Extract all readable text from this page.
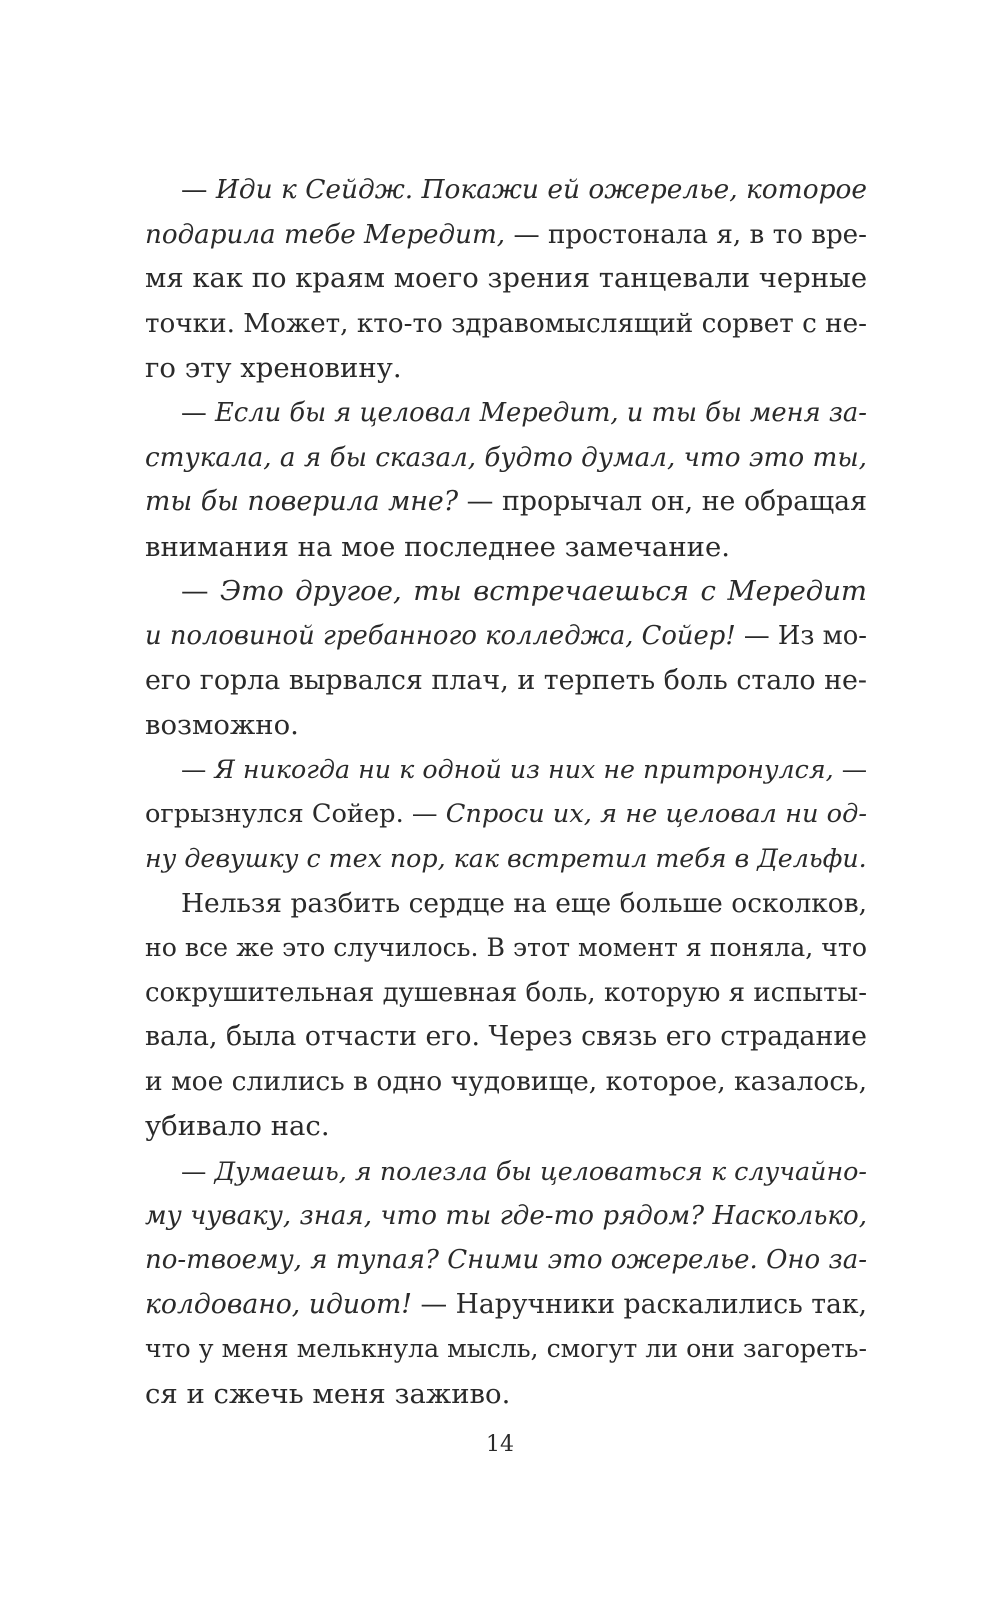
— Иди к Сейдж. Покажи ей ожерелье, которое
подарила тебе Мередит, — простонала я, в то вре-
мя как по краям моего зрения танцевали черные
точки. Может, кто-то здравомыслящий сорвет с не-
го эту хреновину.
— Если бы я целовал Мередит, и ты бы меня за-
стукала, а я бы сказал, будто думал, что это ты,
ты бы поверила мне? — прорычал он, не обращая
внимания на мое последнее замечание.
— Это другое, ты встречаешься с Мередит
и половиной гребанного колледжа, Сойер! — Из мо-
его горла вырвался плач, и терпеть боль стало не-
возможно.
— Я никогда ни к одной из них не притронулся, —
огрызнулся Сойер. — Спроси их, я не целовал ни од-
ну девушку с тех пор, как встретил тебя в Дельфи.
Нельзя разбить сердце на еще больше осколков,
но все же это случилось. В этот момент я поняла, что
сокрушительная душевная боль, которую я испыты-
вала, была отчасти его. Через связь его страдание
и мое слились в одно чудовище, которое, казалось,
убивало нас.
— Думаешь, я полезла бы целоваться к случайно-
му чуваку, зная, что ты где-то рядом? Насколько,
по-твоему, я тупая? Сними это ожерелье. Оно за-
колдовано, идиот! — Наручники раскалились так,
что у меня мелькнула мысль, смогут ли они загореть-
ся и сжечь меня заживо.
14
